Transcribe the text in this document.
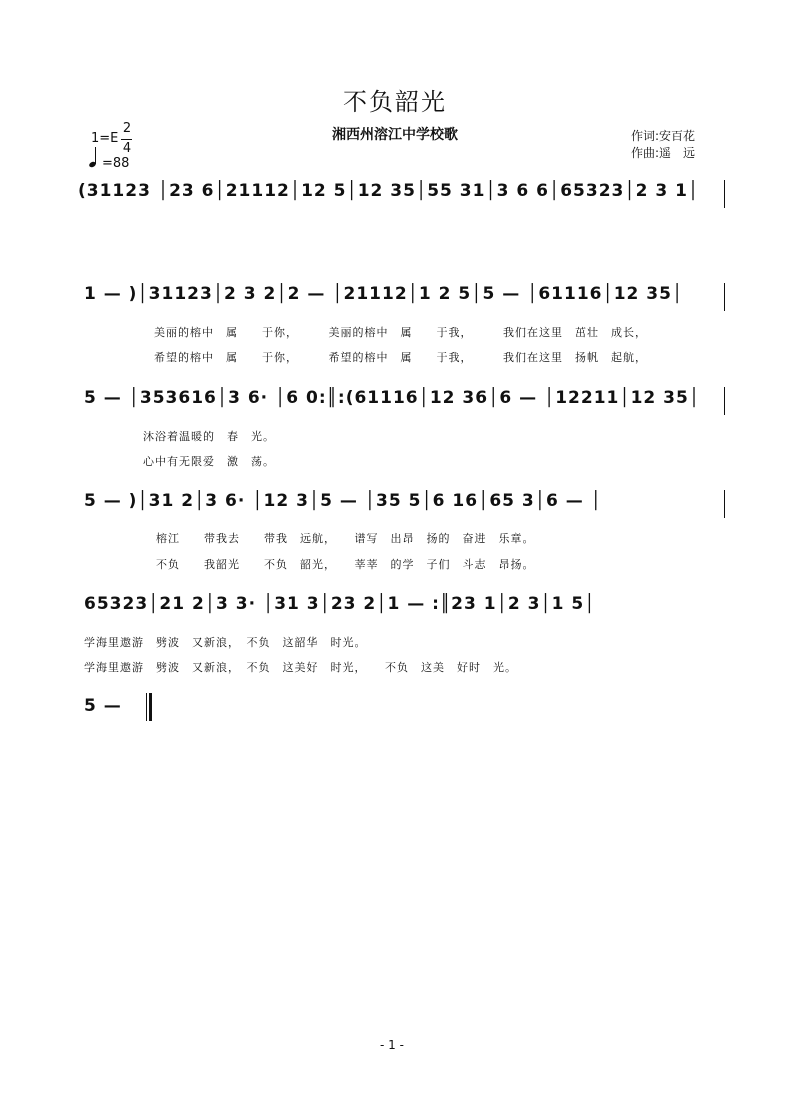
不负韶光
湘西州溶江中学校歌	作词:安百花
作曲:遥　远
1=E
2
4
=88
(31123 │23 6│21112│12 5│12 35│55 31│3 6 6│65323│2 3 1│
1 — )│31123│2 3 2│2 — │21112│1 2 5│5 — │61116│12 35│
美丽的榕中　属　　于你，　　　美丽的榕中　属　　于我，　　　我们在这里　茁壮　成长，
希望的榕中　属　　于你，　　　希望的榕中　属　　于我，　　　我们在这里　扬帆　起航，
5 — │353616│3 6· │6 0:║:(61116│12 36│6 — │12211│12 35│
沐浴着温暖的　春　光。
心中有无限爱　激　荡。
5 — )│31 2│3 6· │12 3│5 — │35 5│6 16│65 3│6 — │
榕江　　带我去　　带我　远航，　　谱写　出昂　扬的　奋进　乐章。
不负　　我韶光　　不负　韶光，　　莘莘　的学　子们　斗志　昂扬。
65323│21 2│3 3· │31 3│23 2│1 — :║23 1│2 3│1 5│
学海里遨游　劈波　又新浪，　不负　这韶华　时光。
学海里遨游　劈波　又新浪，　不负　这美好　时光，　　不负　这美　好时　光。
5 —
- 1 -
